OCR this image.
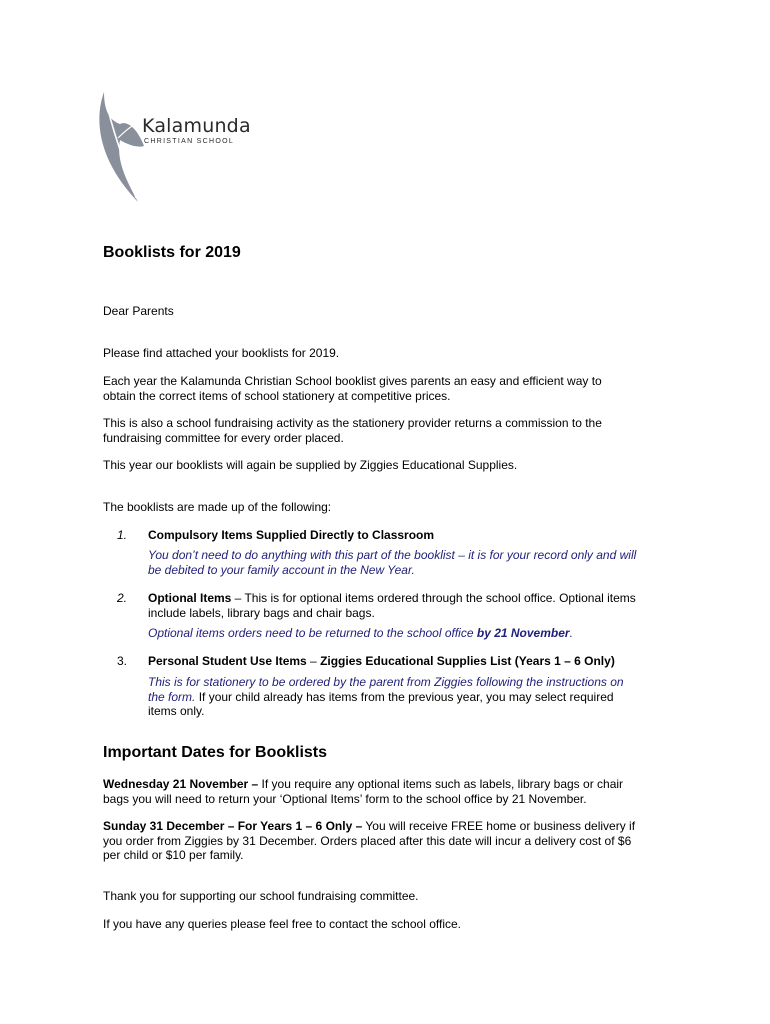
Kalamunda
CHRISTIAN SCHOOL
Booklists for 2019
Dear Parents
Please find attached your booklists for 2019.
Each year the Kalamunda Christian School booklist gives parents an easy and efficient way to
obtain the correct items of school stationery at competitive prices.
This is also a school fundraising activity as the stationery provider returns a commission to the
fundraising committee for every order placed.
This year our booklists will again be supplied by Ziggies Educational Supplies.
The booklists are made up of the following:
1.	Compulsory Items Supplied Directly to Classroom
You don’t need to do anything with this part of the booklist – it is for your record only and will
be debited to your family account in the New Year.
2.	Optional Items – This is for optional items ordered through the school office. Optional items
include labels, library bags and chair bags.
Optional items orders need to be returned to the school office by 21 November.
3.	Personal Student Use Items – Ziggies Educational Supplies List (Years 1 – 6 Only)
This is for stationery to be ordered by the parent from Ziggies following the instructions on
the form. If your child already has items from the previous year, you may select required
items only.
Important Dates for Booklists
Wednesday 21 November – If you require any optional items such as labels, library bags or chair
bags you will need to return your ‘Optional Items’ form to the school office by 21 November.
Sunday 31 December – For Years 1 – 6 Only – You will receive FREE home or business delivery if
you order from Ziggies by 31 December. Orders placed after this date will incur a delivery cost of $6
per child or $10 per family.
Thank you for supporting our school fundraising committee.
If you have any queries please feel free to contact the school office.
